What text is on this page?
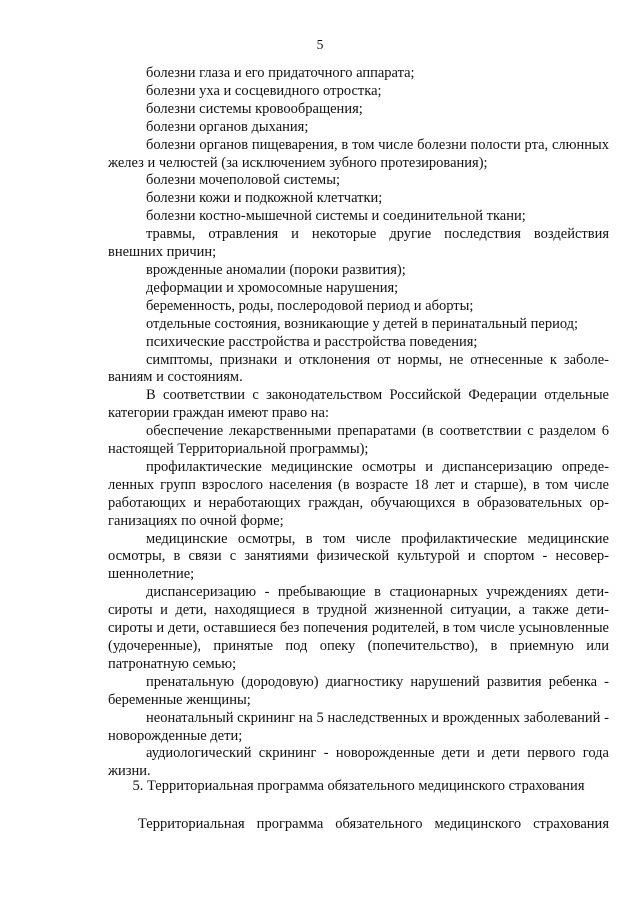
5

болезни глаза и его придаточного аппарата;

болезни уха и сосцевидного отростка;

болезни системы кровообращения;

болезни органов дыхания;

болезни органов пищеварения, в том числе болезни полости рта, слюнных желез и челюстей (за исключением зубного протезирования);

болезни мочеполовой системы;

болезни кожи и подкожной клетчатки;

болезни костно-мышечной системы и соединительной ткани;

травмы, отравления и некоторые другие последствия воздействия внешних причин;

врожденные аномалии (пороки развития);

деформации и хромосомные нарушения;

беременность, роды, послеродовой период и аборты;

отдельные состояния, возникающие у детей в перинатальный период;

психические расстройства и расстройства поведения;

симптомы, признаки и отклонения от нормы, не отнесенные к заболеваниям и состояниям.

В соответствии с законодательством Российской Федерации отдельные категории граждан имеют право на:

обеспечение лекарственными препаратами (в соответствии с разделом 6 настоящей Территориальной программы);

профилактические медицинские осмотры и диспансеризацию определенных групп взрослого населения (в возрасте 18 лет и старше), в том числе работающих и неработающих граждан, обучающихся в образовательных организациях по очной форме;

медицинские осмотры, в том числе профилактические медицинские осмотры, в связи с занятиями физической культурой и спортом - несовершеннолетние;

диспансеризацию - пребывающие в стационарных учреждениях детисироты и дети, находящиеся в трудной жизненной ситуации, а также детисироты и дети, оставшиеся без попечения родителей, в том числе усыновленные (удочеренные), принятые под опеку (попечительство), в приемную или патронатную семью;

пренатальную (дородовую) диагностику нарушений развития ребенка - беременные женщины;

неонатальный скрининг на 5 наследственных и врожденных заболеваний - новорожденные дети;

аудиологический скрининг - новорожденные дети и дети первого года жизни.

5. Территориальная программа обязательного медицинского страхования

Территориальная программа обязательного медицинского страхования
